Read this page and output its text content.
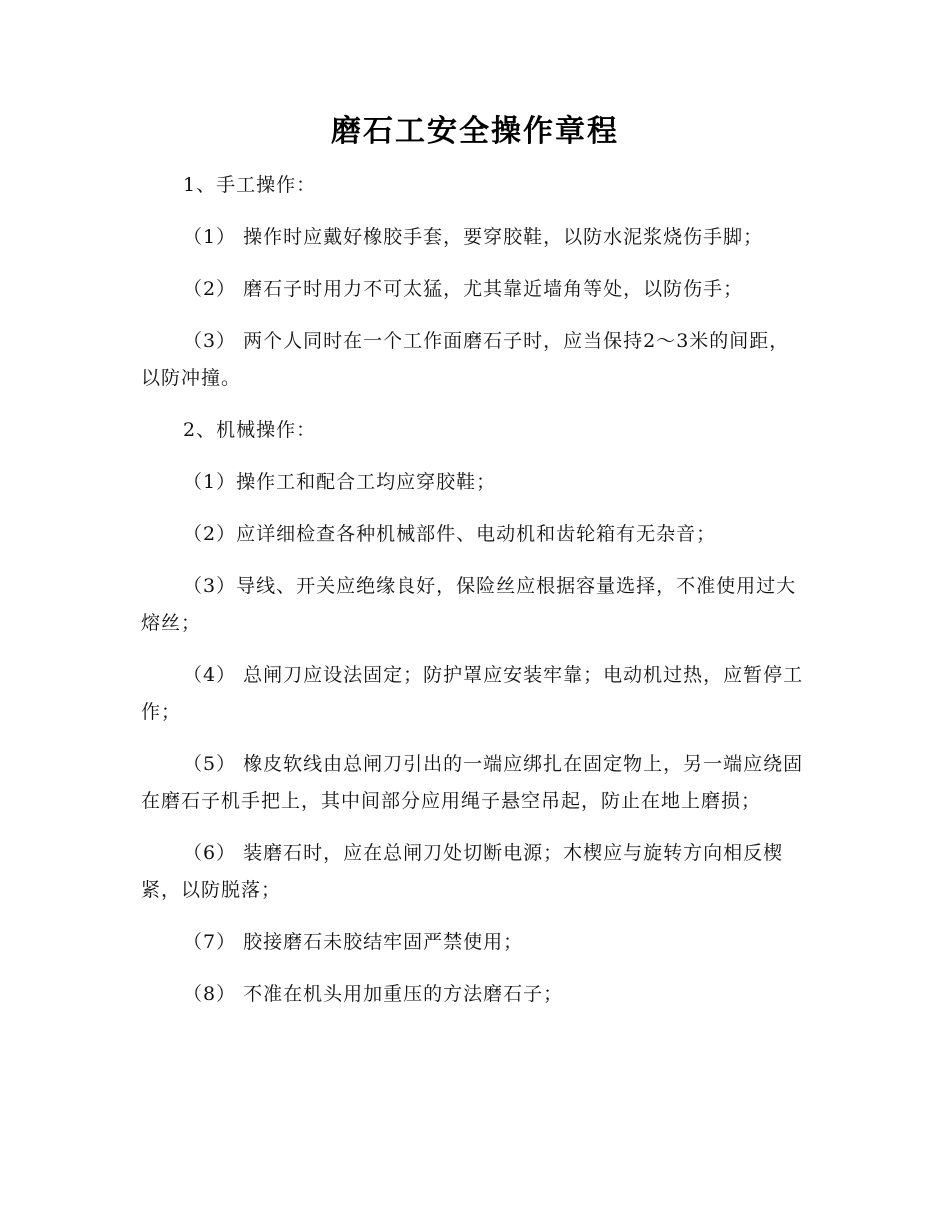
磨石工安全操作章程

1、手工操作：

（1） 操作时应戴好橡胶手套，要穿胶鞋，以防水泥浆烧伤手脚；

（2） 磨石子时用力不可太猛，尤其靠近墙角等处，以防伤手；

（3） 两个人同时在一个工作面磨石子时，应当保持2～3米的间距，以防冲撞。

2、机械操作：

（1）操作工和配合工均应穿胶鞋；

（2）应详细检查各种机械部件、电动机和齿轮箱有无杂音；

（3）导线、开关应绝缘良好，保险丝应根据容量选择，不准使用过大熔丝；

（4） 总闸刀应设法固定；防护罩应安装牢靠；电动机过热，应暂停工作；

（5） 橡皮软线由总闸刀引出的一端应绑扎在固定物上，另一端应绕固在磨石子机手把上，其中间部分应用绳子悬空吊起，防止在地上磨损；

（6） 装磨石时，应在总闸刀处切断电源；木楔应与旋转方向相反楔紧，以防脱落；

（7） 胶接磨石未胶结牢固严禁使用；

（8） 不准在机头用加重压的方法磨石子；
